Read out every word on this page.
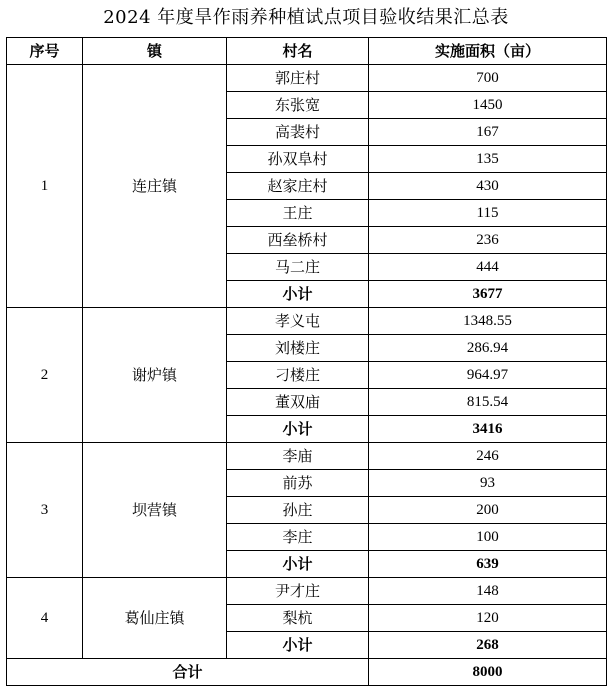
2024 年度旱作雨养种植试点项目验收结果汇总表
序号	镇	村名	实施面积（亩）
1	连庄镇	郭庄村	700
		东张宽	1450
		高裴村	167
		孙双阜村	135
		赵家庄村	430
		王庄	115
		西垒桥村	236
		马二庄	444
		小计	3677
2	谢炉镇	孝义屯	1348.55
		刘楼庄	286.94
		刁楼庄	964.97
		董双庙	815.54
		小计	3416
3	坝营镇	李庙	246
		前苏	93
		孙庄	200
		李庄	100
		小计	639
4	葛仙庄镇	尹才庄	148
		梨杭	120
		小计	268
合计			8000
